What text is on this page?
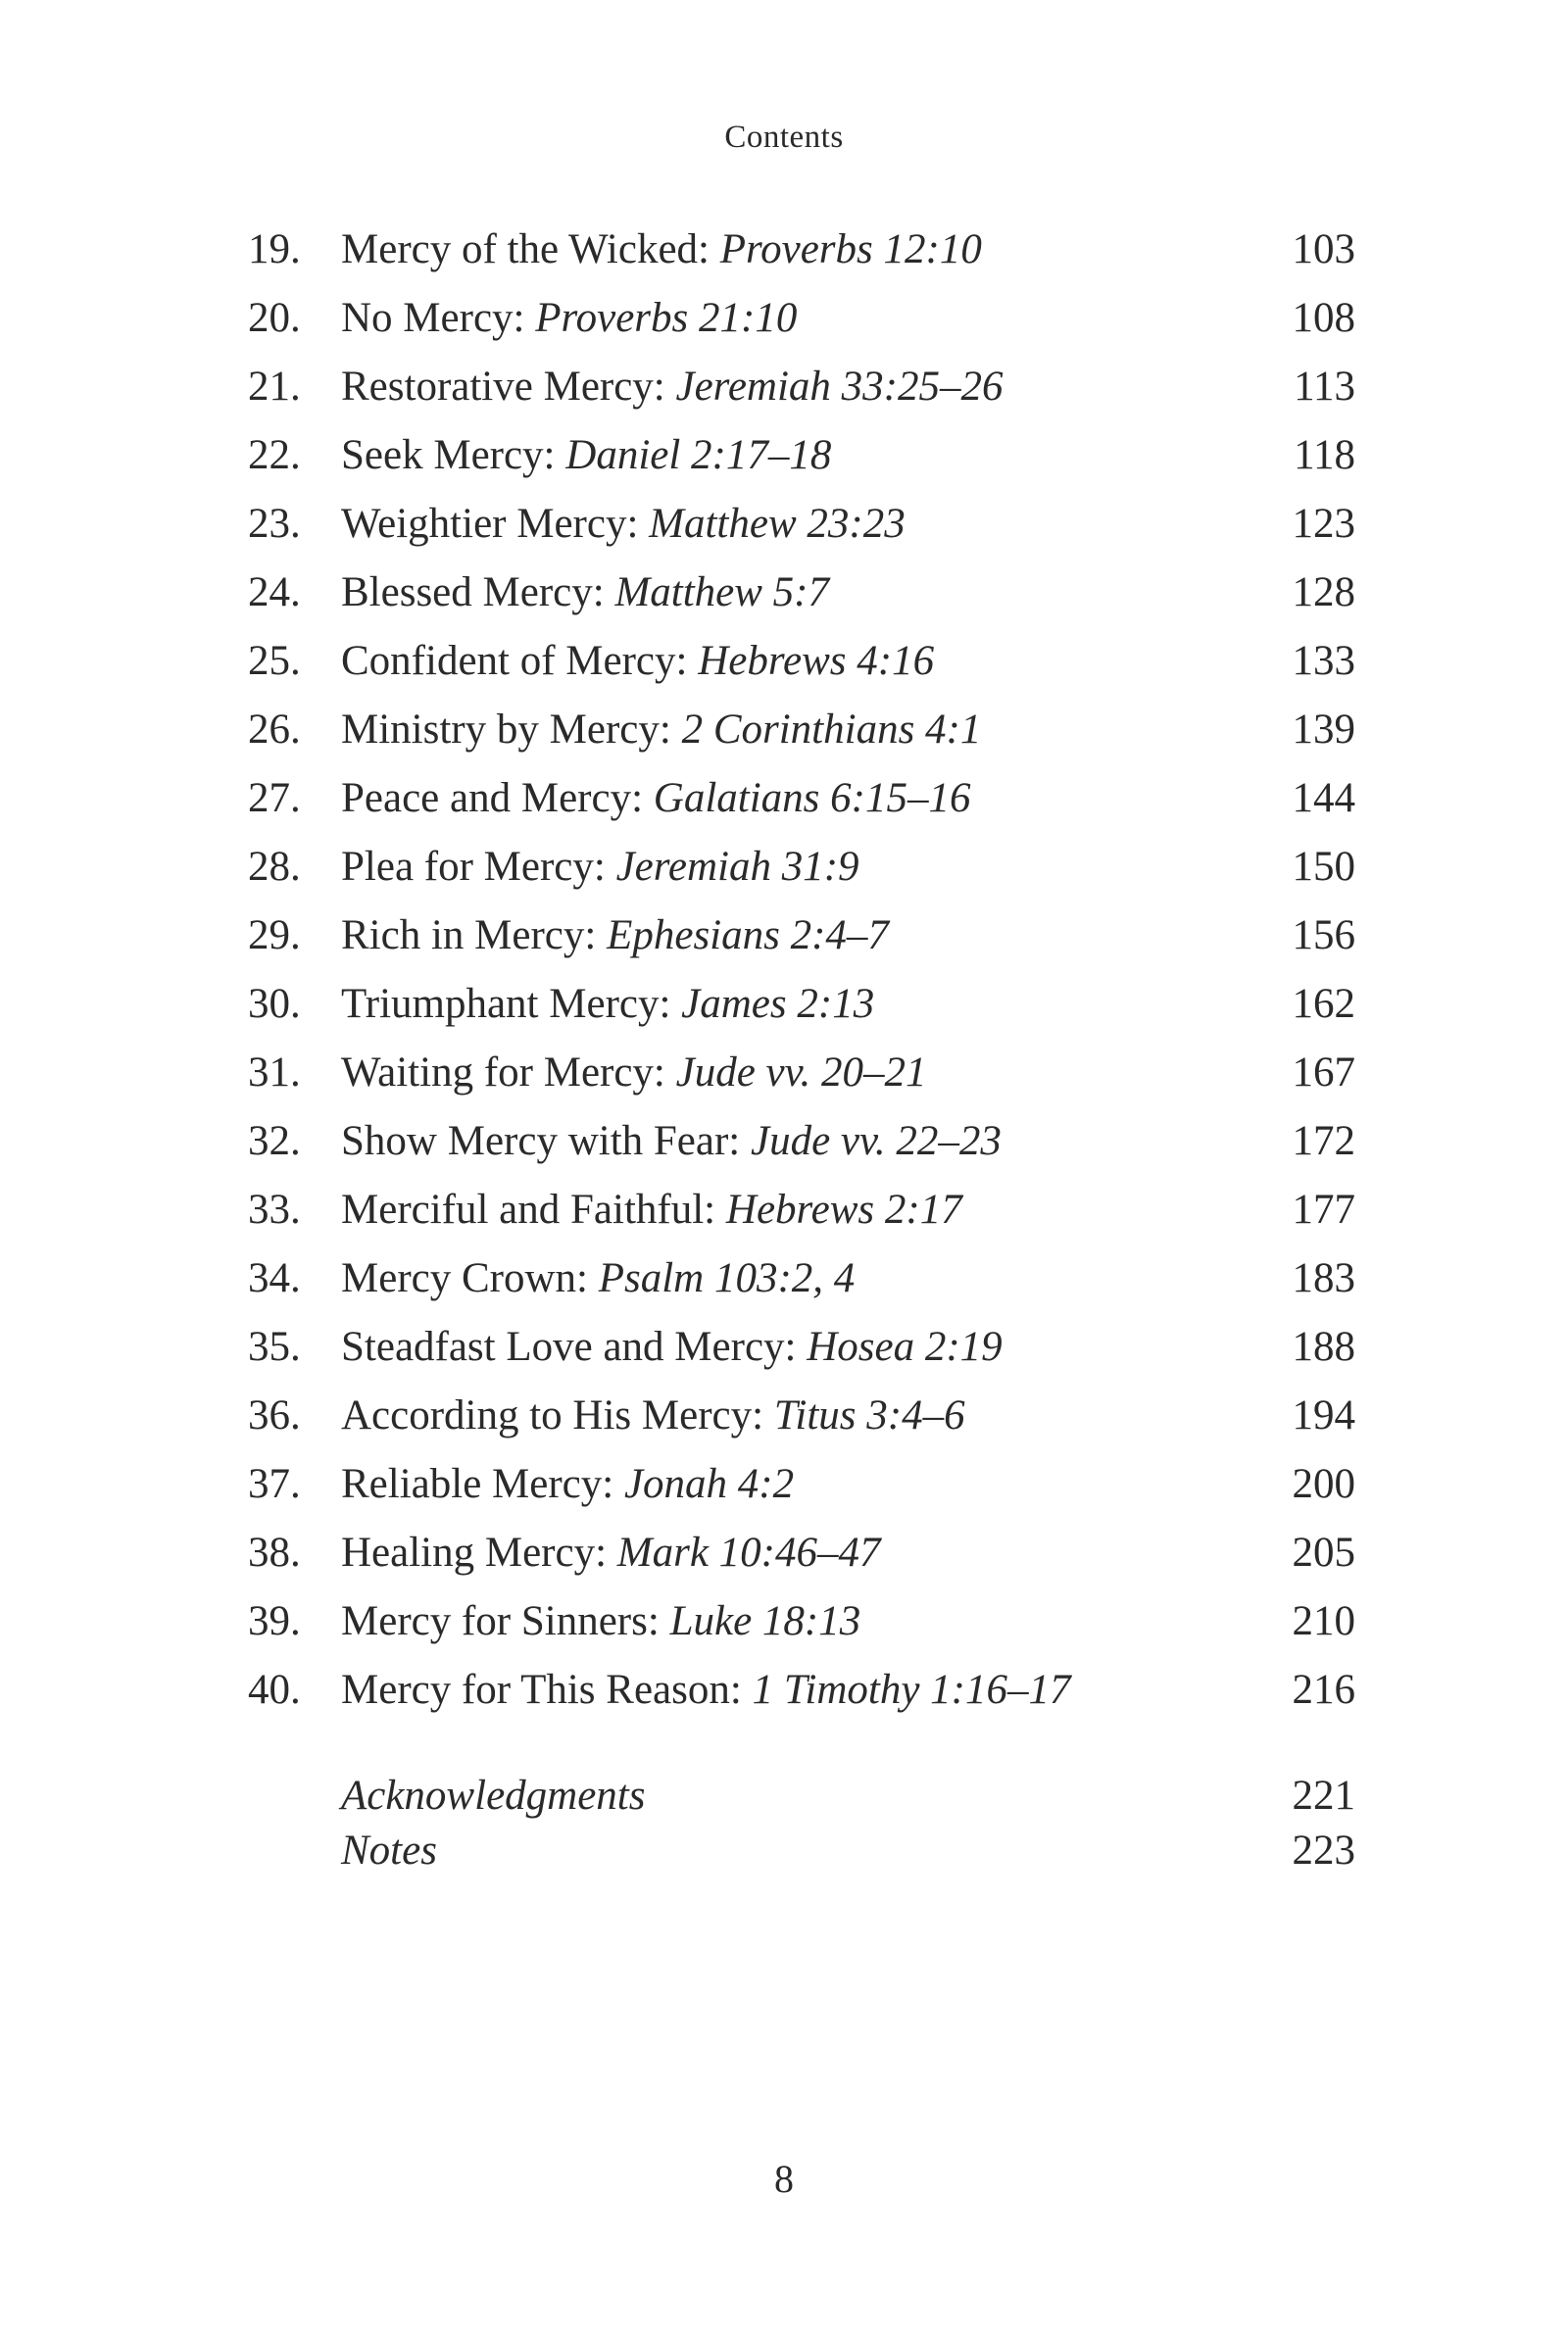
Contents
19. Mercy of the Wicked: Proverbs 12:10	103
20. No Mercy: Proverbs 21:10	108
21. Restorative Mercy: Jeremiah 33:25–26	113
22. Seek Mercy: Daniel 2:17–18	118
23. Weightier Mercy: Matthew 23:23	123
24. Blessed Mercy: Matthew 5:7	128
25. Confident of Mercy: Hebrews 4:16	133
26. Ministry by Mercy: 2 Corinthians 4:1	139
27. Peace and Mercy: Galatians 6:15–16	144
28. Plea for Mercy: Jeremiah 31:9	150
29. Rich in Mercy: Ephesians 2:4–7	156
30. Triumphant Mercy: James 2:13	162
31. Waiting for Mercy: Jude vv. 20–21	167
32. Show Mercy with Fear: Jude vv. 22–23	172
33. Merciful and Faithful: Hebrews 2:17	177
34. Mercy Crown: Psalm 103:2, 4	183
35. Steadfast Love and Mercy: Hosea 2:19	188
36. According to His Mercy: Titus 3:4–6	194
37. Reliable Mercy: Jonah 4:2	200
38. Healing Mercy: Mark 10:46–47	205
39. Mercy for Sinners: Luke 18:13	210
40. Mercy for This Reason: 1 Timothy 1:16–17	216
Acknowledgments	221
Notes	223
8
